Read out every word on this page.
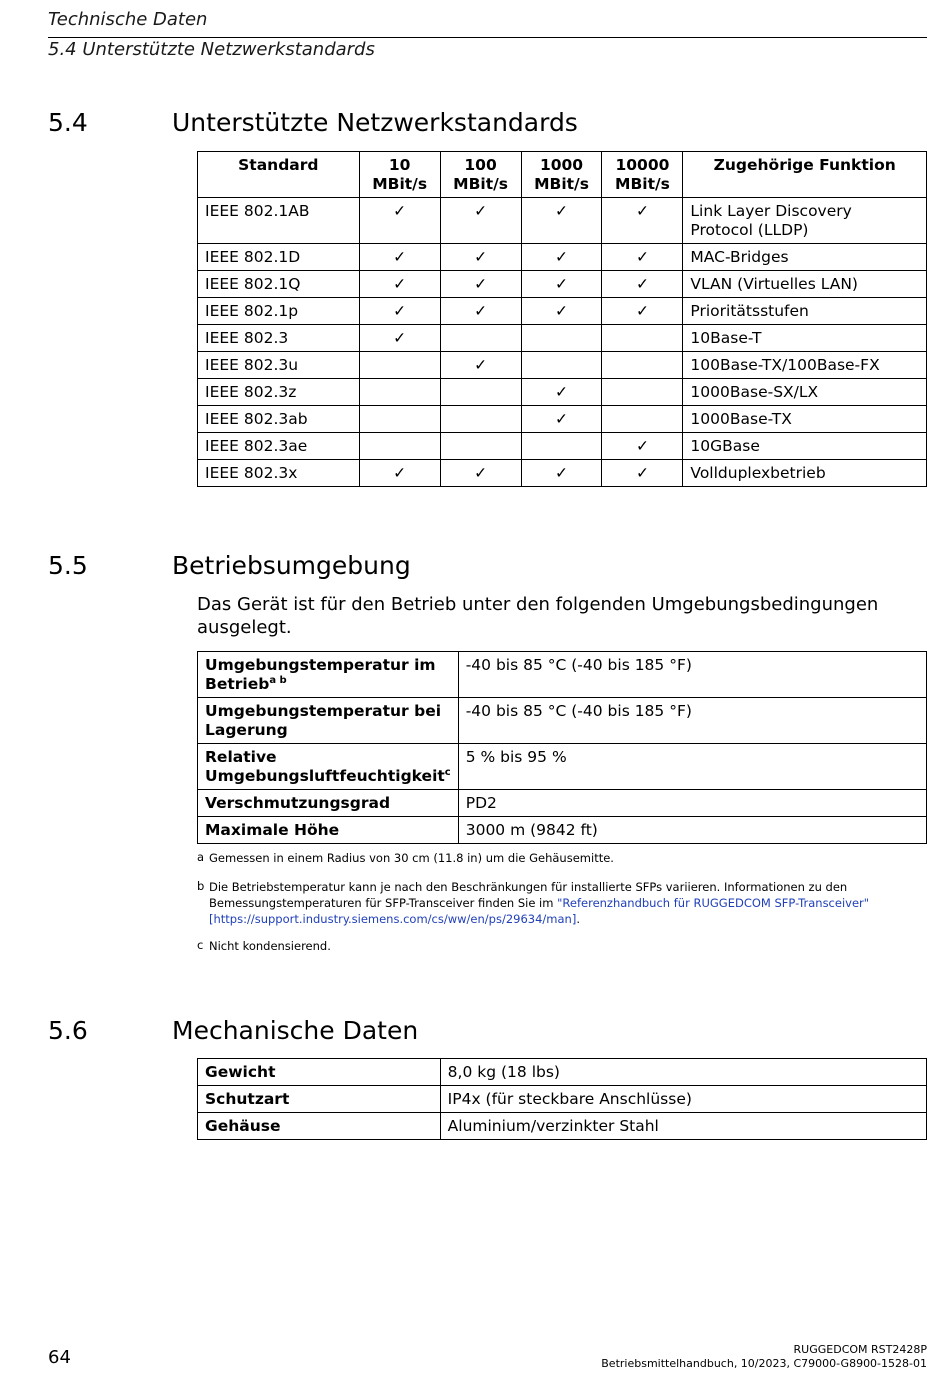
Technische Daten
5.4 Unterstützte Netzwerkstandards
5.4	Unterstützte Netzwerkstandards
Standard	10 MBit/s	100 MBit/s	1000 MBit/s	10000 MBit/s	Zugehörige Funktion
IEEE 802.1AB	✓	✓	✓	✓	Link Layer Discovery Protocol (LLDP)
IEEE 802.1D	✓	✓	✓	✓	MAC-Bridges
IEEE 802.1Q	✓	✓	✓	✓	VLAN (Virtuelles LAN)
IEEE 802.1p	✓	✓	✓	✓	Prioritätsstufen
IEEE 802.3	✓				10Base-T
IEEE 802.3u		✓			100Base-TX/100Base-FX
IEEE 802.3z			✓		1000Base-SX/LX
IEEE 802.3ab			✓		1000Base-TX
IEEE 802.3ae				✓	10GBase
IEEE 802.3x	✓	✓	✓	✓	Vollduplexbetrieb
5.5	Betriebsumgebung
Das Gerät ist für den Betrieb unter den folgenden Umgebungsbedingungen ausgelegt.
Umgebungstemperatur im Betrieb$^{a b}$	-40 bis 85 °C (-40 bis 185 °F)
Umgebungstemperatur bei Lagerung	-40 bis 85 °C (-40 bis 185 °F)
Relative Umgebungsluftfeuchtigkeit$^c$	5 % bis 95 %
Verschmutzungsgrad	PD2
Maximale Höhe	3000 m (9842 ft)
a Gemessen in einem Radius von 30 cm (11.8 in) um die Gehäusemitte.
b Die Betriebstemperatur kann je nach den Beschränkungen für installierte SFPs variieren. Informationen zu den Bemessungstemperaturen für SFP-Transceiver finden Sie im "Referenzhandbuch für RUGGEDCOM SFP-Transceiver" [https://support.industry.siemens.com/cs/ww/en/ps/29634/man].
c Nicht kondensierend.
5.6	Mechanische Daten
Gewicht	8,0 kg (18 lbs)
Schutzart	IP4x (für steckbare Anschlüsse)
Gehäuse	Aluminium/verzinkter Stahl
64	RUGGEDCOM RST2428P
Betriebsmittelhandbuch, 10/2023, C79000-G8900-1528-01
